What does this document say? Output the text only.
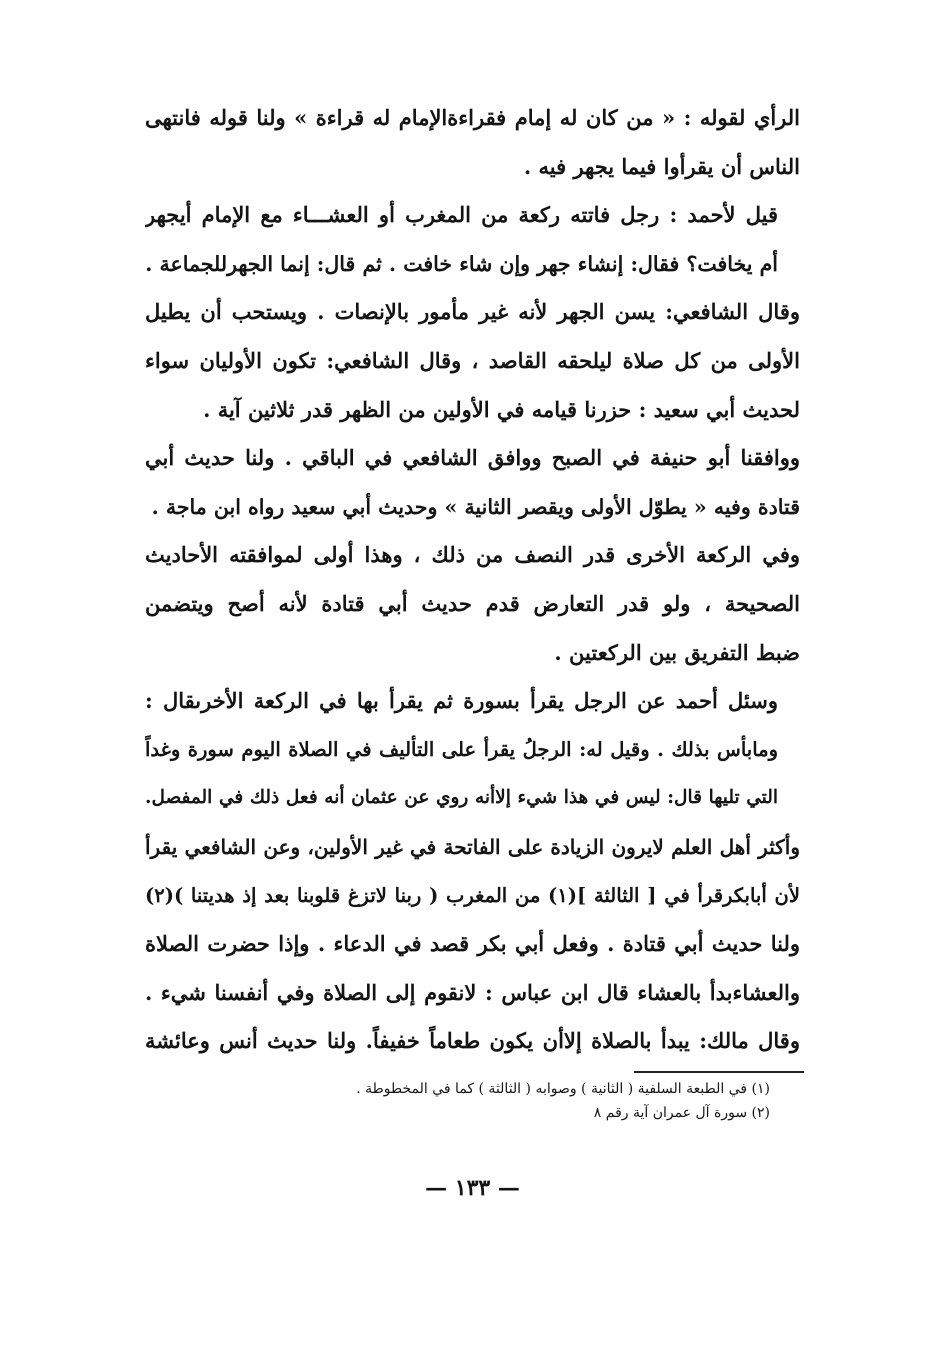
الرأي لقوله : « من كان له إمام فقراءةالإمام له قراءة » ولنا قوله فانتهى
الناس أن يقرأوا فيما يجهر فيه .

قيل لأحمد : رجل فاتته ركعة من المغرب أو العشـــاء مع الإمام أيجهر
أم يخافت؟ فقال: إنشاء جهر وإن شاء خافت . ثم قال: إنما الجهرللجماعة .

وقال الشافعي: يسن الجهر لأنه غير مأمور بالإنصات . ويستحب أن يطيل
الأولى من كل صلاة ليلحقه القاصد ، وقال الشافعي: تكون الأوليان سواء
لحديث أبي سعيد : حزرنا قيامه في الأولين من الظهر قدر ثلاثين آية .

ووافقنا أبو حنيفة في الصبح ووافق الشافعي في الباقي . ولنا حديث أبي
قتادة وفيه « يطوّل الأولى ويقصر الثانية » وحديث أبي سعيد رواه ابن ماجة .

وفي الركعة الأخرى قدر النصف من ذلك ، وهذا أولى لموافقته الأحاديث
الصحيحة ، ولو قدر التعارض قدم حديث أبي قتادة لأنه أصح ويتضمن
ضبط التفريق بين الركعتين .

وسئل أحمد عن الرجل يقرأ بسورة ثم يقرأ بها في الركعة الأخرىقال :
ومابأس بذلك . وقيل له: الرجلُ يقرأ على التأليف في الصلاة اليوم سورة وغداً
التي تليها قال: ليس في هذا شيء إلاأنه روي عن عثمان أنه فعل ذلك في المفصل.

وأكثر أهل العلم لايرون الزيادة على الفاتحة في غير الأولين، وعن الشافعي يقرأ
لأن أبابكرقرأ في [ الثالثة ](١) من المغرب ( ربنا لاتزغ قلوبنا بعد إذ هديتنا )(٢)
ولنا حديث أبي قتادة . وفعل أبي بكر قصد في الدعاء . وإذا حضرت الصلاة
والعشاءبدأ بالعشاء قال ابن عباس : لانقوم إلى الصلاة وفي أنفسنا شيء .

وقال مالك: يبدأ بالصلاة إلاأن يكون طعاماً خفيفاً. ولنا حديث أنس وعائشة

(١) في الطبعة السلفية ( الثانية ) وصوابه ( الثالثة ) كما في المخطوطة .
(٢) سورة آل عمران آية رقم ٨
— ١٣٣ —
